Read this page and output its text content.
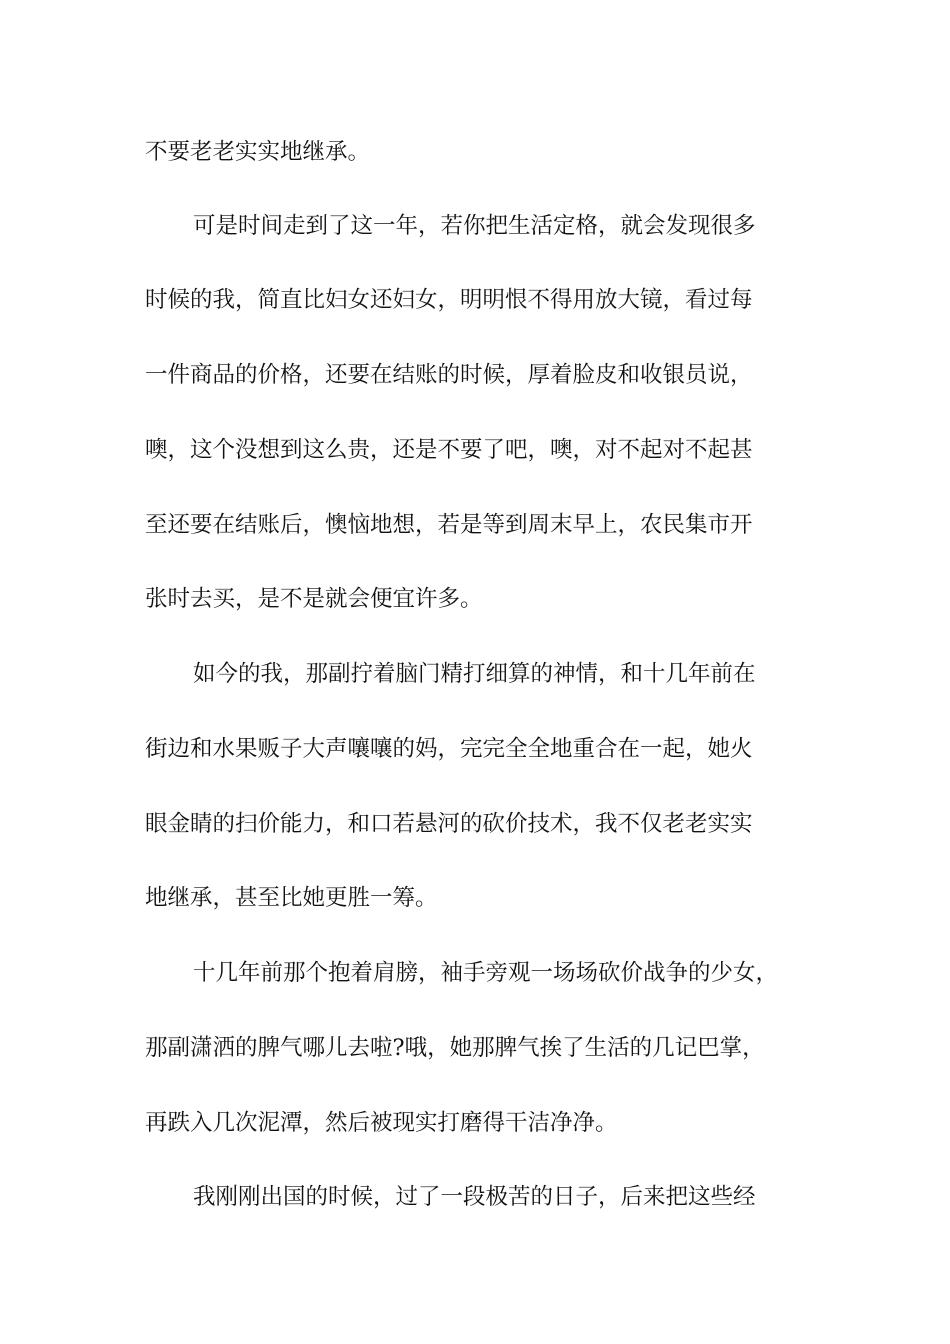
不要老老实实地继承。

可是时间走到了这一年，若你把生活定格，就会发现很多

时候的我，简直比妇女还妇女，明明恨不得用放大镜，看过每

一件商品的价格，还要在结账的时候，厚着脸皮和收银员说，

噢，这个没想到这么贵，还是不要了吧，噢，对不起对不起甚

至还要在结账后，懊恼地想，若是等到周末早上，农民集市开

张时去买，是不是就会便宜许多。

如今的我，那副拧着脑门精打细算的神情，和十几年前在

街边和水果贩子大声嚷嚷的妈，完完全全地重合在一起，她火

眼金睛的扫价能力，和口若悬河的砍价技术，我不仅老老实实

地继承，甚至比她更胜一筹。

十几年前那个抱着肩膀，袖手旁观一场场砍价战争的少女，

那副潇洒的脾气哪儿去啦?哦，她那脾气挨了生活的几记巴掌，

再跌入几次泥潭，然后被现实打磨得干洁净净。

我刚刚出国的时候，过了一段极苦的日子，后来把这些经
